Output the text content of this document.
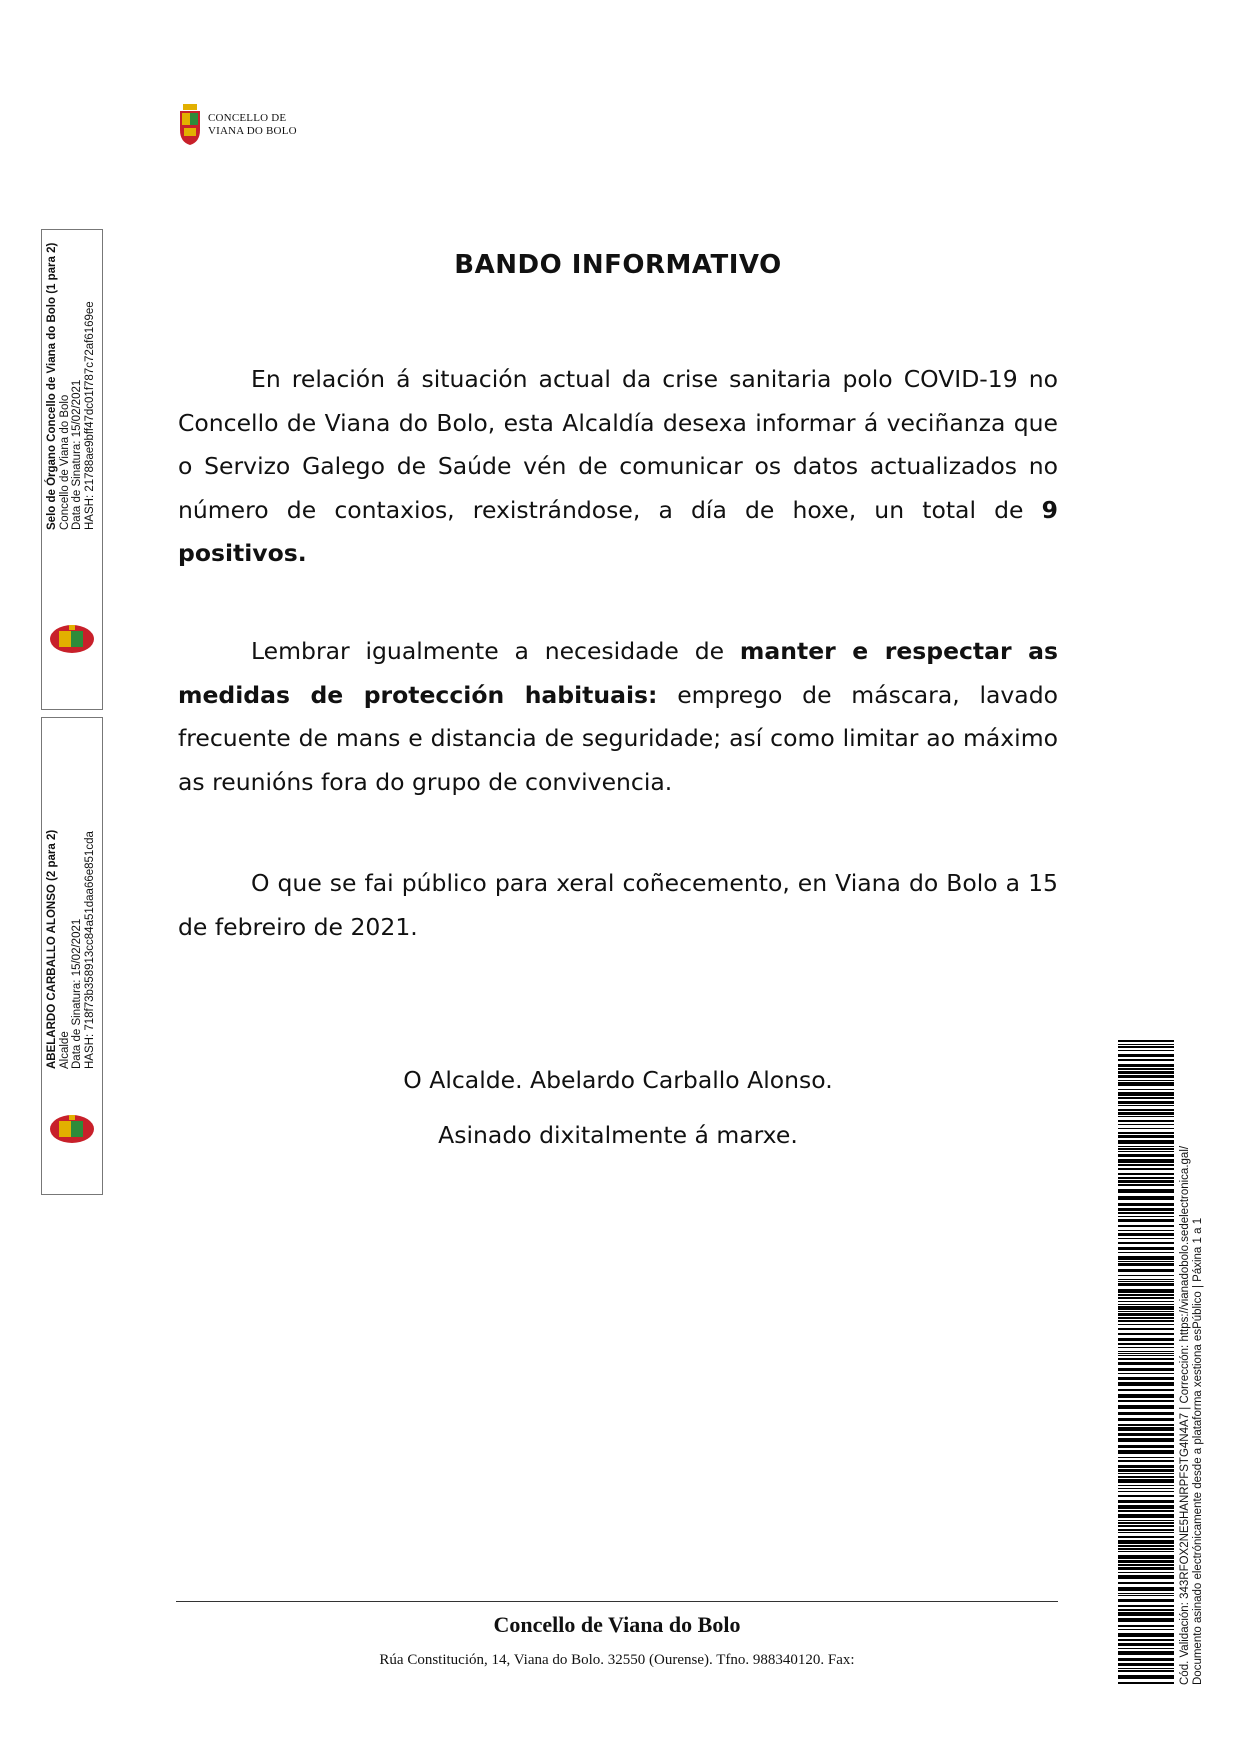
CONCELLO DE
VIANA DO BOLO
Selo de Órgano Concello de Viana do Bolo (1 para 2) Concello de Viana do Bolo Data de Sinatura: 15/02/2021 HASH: 21788ae9bff47dc01f787c72af6169ee
ABELARDO CARBALLO ALONSO (2 para 2) Alcalde Data de Sinatura: 15/02/2021 HASH: 718f73b358913cc84a51daa66e851cda
BANDO INFORMATIVO

En relación á situación actual da crise sanitaria polo COVID-19 no Concello de Viana do Bolo, esta Alcaldía desexa informar á veciñanza que o Servizo Galego de Saúde vén de comunicar os datos actualizados no número de contaxios, rexistrándose, a día de hoxe, un total de 9 positivos.

Lembrar igualmente a necesidade de manter e respectar as medidas de protección habituais: emprego de máscara, lavado frecuente de mans e distancia de seguridade; así como limitar ao máximo as reunións fora do grupo de convivencia.

O que se fai público para xeral coñecemento, en Viana do Bolo a 15 de febreiro de 2021.

O Alcalde. Abelardo Carballo Alonso.
Asinado dixitalmente á marxe.
Concello de Viana do Bolo
Rúa Constitución, 14, Viana do Bolo. 32550 (Ourense). Tfno. 988340120. Fax:	Cód. Validación: 343RFOX2NE5HANRPFSTG4N4A7 | Corrección: https://vianadobolo.sedelectronica.gal/ Documento asinado electrónicamente desde a plataforma xestiona esPúblico | Páxina 1 a 1
